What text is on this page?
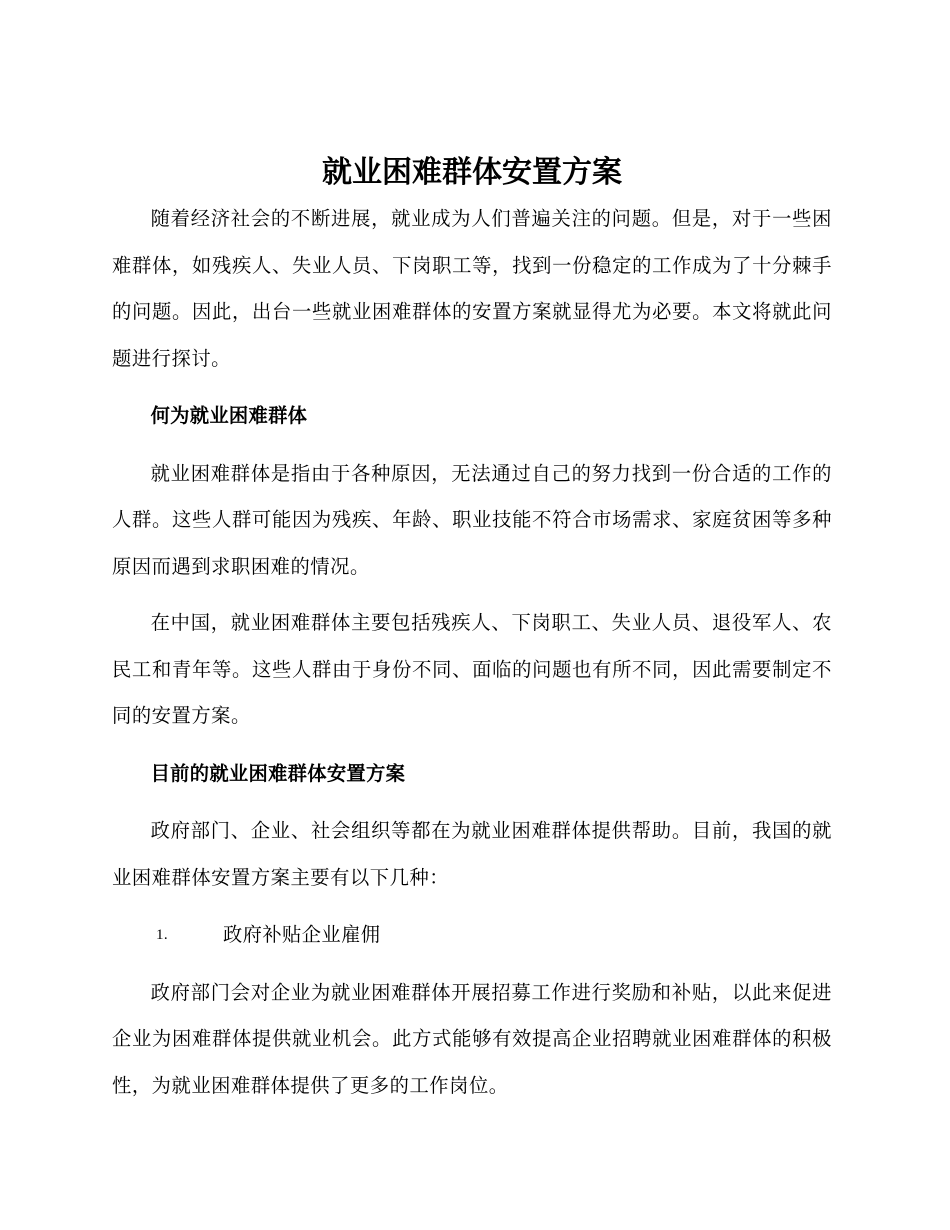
就业困难群体安置方案

随着经济社会的不断进展，就业成为人们普遍关注的问题。但是，对于一些困难群体，如残疾人、失业人员、下岗职工等，找到一份稳定的工作成为了十分棘手的问题。因此，出台一些就业困难群体的安置方案就显得尤为必要。本文将就此问题进行探讨。

何为就业困难群体

就业困难群体是指由于各种原因，无法通过自己的努力找到一份合适的工作的人群。这些人群可能因为残疾、年龄、职业技能不符合市场需求、家庭贫困等多种原因而遇到求职困难的情况。

在中国，就业困难群体主要包括残疾人、下岗职工、失业人员、退役军人、农民工和青年等。这些人群由于身份不同、面临的问题也有所不同，因此需要制定不同的安置方案。

目前的就业困难群体安置方案

政府部门、企业、社会组织等都在为就业困难群体提供帮助。目前，我国的就业困难群体安置方案主要有以下几种：

1.	政府补贴企业雇佣

政府部门会对企业为就业困难群体开展招募工作进行奖励和补贴，以此来促进企业为困难群体提供就业机会。此方式能够有效提高企业招聘就业困难群体的积极性，为就业困难群体提供了更多的工作岗位。
